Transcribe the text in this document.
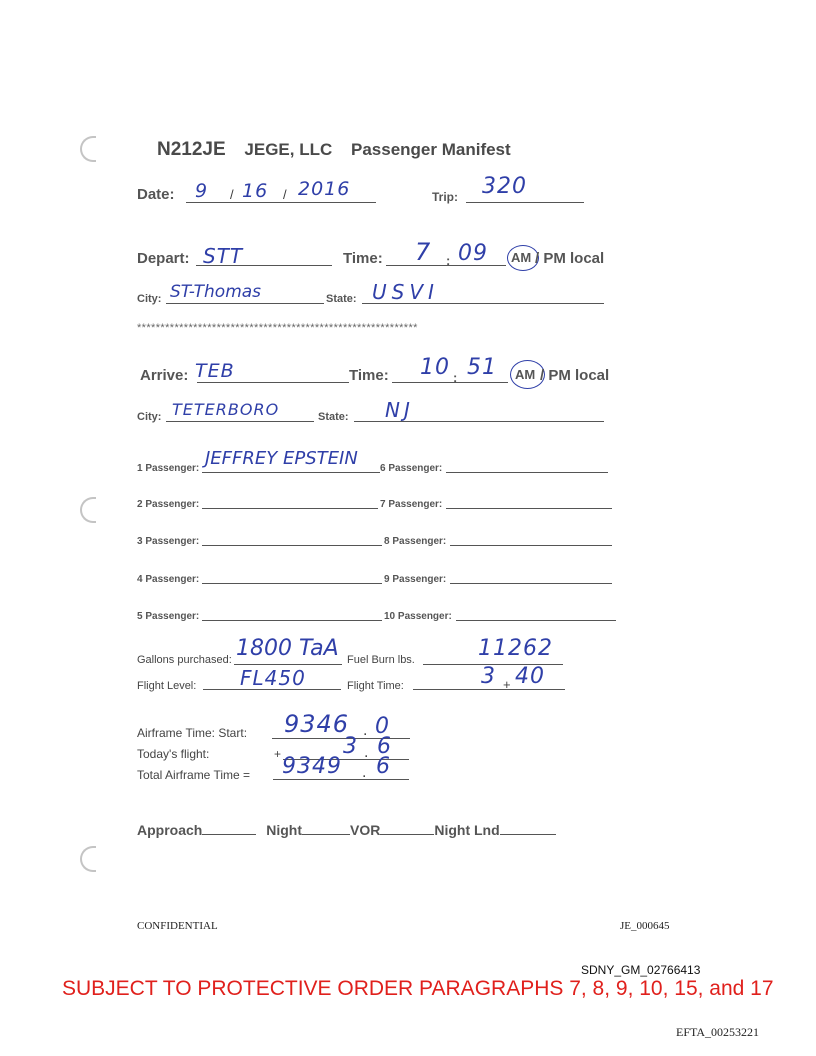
N212JE JEGE, LLC Passenger Manifest
Date: 9 / 16 / 2016	Trip: 320
Depart: STT	Time: 7 : 09 AM / PM local
City: ST-Thomas	State: USVI
************************************************************
Arrive: TEB	Time: 10 : 51 AM / PM local
City: TETERBORO	State: NJ
1 Passenger: JEFFREY EPSTEIN 6 Passenger:
2 Passenger:	7 Passenger:
3 Passenger:	8 Passenger:
4 Passenger:	9 Passenger:
5 Passenger:	10 Passenger:
Gallons purchased: 1800 TaA Fuel Burn lbs.	11262
Flight Level: FL450	Flight Time:	3 + 40
Airframe Time: Start: 9346 . 0
Today's flight:	+	3 . 6
Total Airframe Time = 9349 . 6
Approach	Night	VOR	Night Lnd
CONFIDENTIAL	JE_000645
SDNY_GM_02766413
SUBJECT TO PROTECTIVE ORDER PARAGRAPHS 7, 8, 9, 10, 15, and 17
EFTA_00253221
